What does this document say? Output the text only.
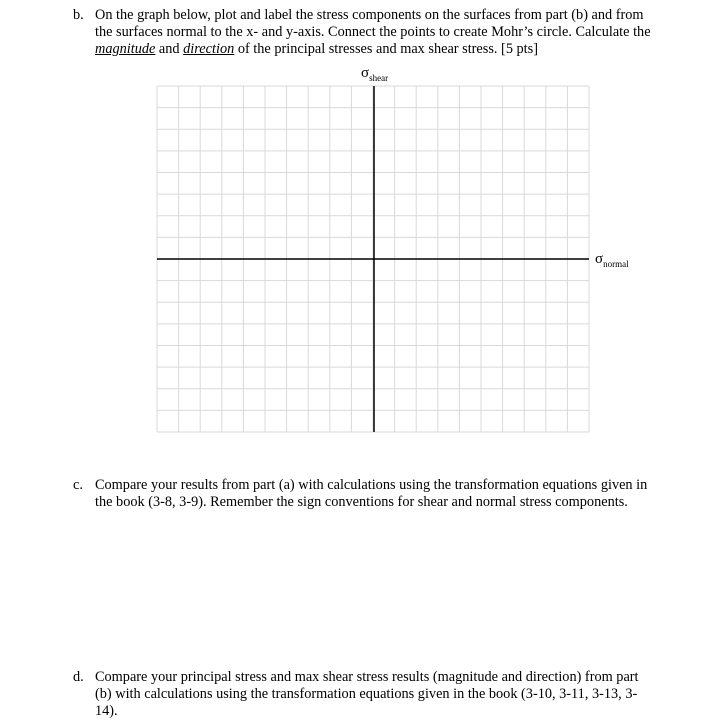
b. On the graph below, plot and label the stress components on the surfaces from part (b) and from
the surfaces normal to the x- and y-axis. Connect the points to create Mohr’s circle. Calculate the
magnitude and direction of the principal stresses and max shear stress. [5 pts]
$\sigma_{shear}$
$\sigma_{normal}$
c. Compare your results from part (a) with calculations using the transformation equations given in
the book (3-8, 3-9). Remember the sign conventions for shear and normal stress components.
d. Compare your principal stress and max shear stress results (magnitude and direction) from part
(b) with calculations using the transformation equations given in the book (3-10, 3-11, 3-13, 3-
14).
